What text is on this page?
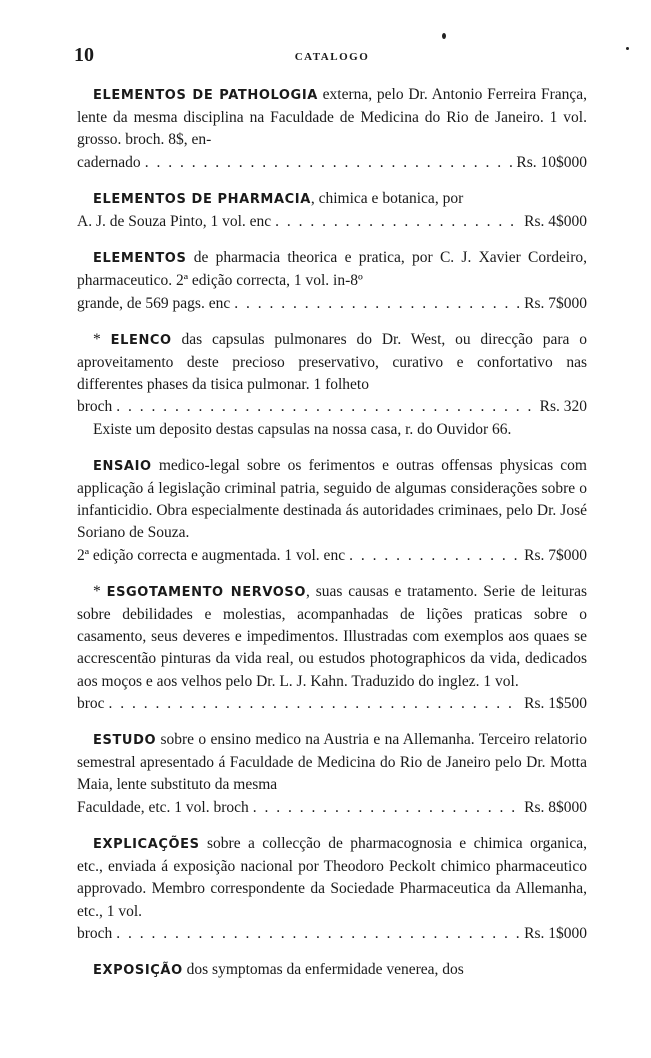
10	CATALOGO

ELEMENTOS DE PATHOLOGIA externa, pelo Dr. Antonio Ferreira França, lente da mesma disciplina na Faculdade de Medicina do Rio de Janeiro. 1 vol. grosso. broch. 8$, en-

cadernado . . .	Rs. 10$000

ELEMENTOS DE PHARMACIA, chimica e botanica, por

A. J. de Souza Pinto, 1 vol. enc . . .	Rs. 4$000

ELEMENTOS de pharmacia theorica e pratica, por C. J. Xavier Cordeiro, pharmaceutico. 2ª edição correcta, 1 vol. in-8º

grande, de 569 pags. enc . . .	Rs. 7$000

* ELENCO das capsulas pulmonares do Dr. West, ou direcção para o aproveitamento deste precioso preservativo, curativo e confortativo nas differentes phases da tisica pulmonar. 1 folheto

broch . . .	Rs. 320

Existe um deposito destas capsulas na nossa casa, r. do Ouvidor 66.

ENSAIO medico-legal sobre os ferimentos e outras offensas physicas com applicação á legislação criminal patria, seguido de algumas considerações sobre o infanticidio. Obra especialmente destinada ás autoridades criminaes, pelo Dr. José Soriano de Souza.

2ª edição correcta e augmentada. 1 vol. enc . . .	Rs. 7$000

* ESGOTAMENTO NERVOSO, suas causas e tratamento. Serie de leituras sobre debilidades e molestias, acompanhadas de lições praticas sobre o casamento, seus deveres e impedimentos. Illustradas com exemplos aos quaes se accrescentão pinturas da vida real, ou estudos photographicos da vida, dedicados aos moços e aos velhos pelo Dr. L. J. Kahn. Traduzido do inglez. 1 vol.

broc . . .	Rs. 1$500

ESTUDO sobre o ensino medico na Austria e na Allemanha. Terceiro relatorio semestral apresentado á Faculdade de Medicina do Rio de Janeiro pelo Dr. Motta Maia, lente substituto da mesma

Faculdade, etc. 1 vol. broch . . .	Rs. 8$000

EXPLICAÇÕES sobre a collecção de pharmacognosia e chimica organica, etc., enviada á exposição nacional por Theodoro Peckolt chimico pharmaceutico approvado. Membro correspondente da Sociedade Pharmaceutica da Allemanha, etc., 1 vol.

broch . . .	Rs. 1$000

EXPOSIÇÃO dos symptomas da enfermidade venerea, dos
